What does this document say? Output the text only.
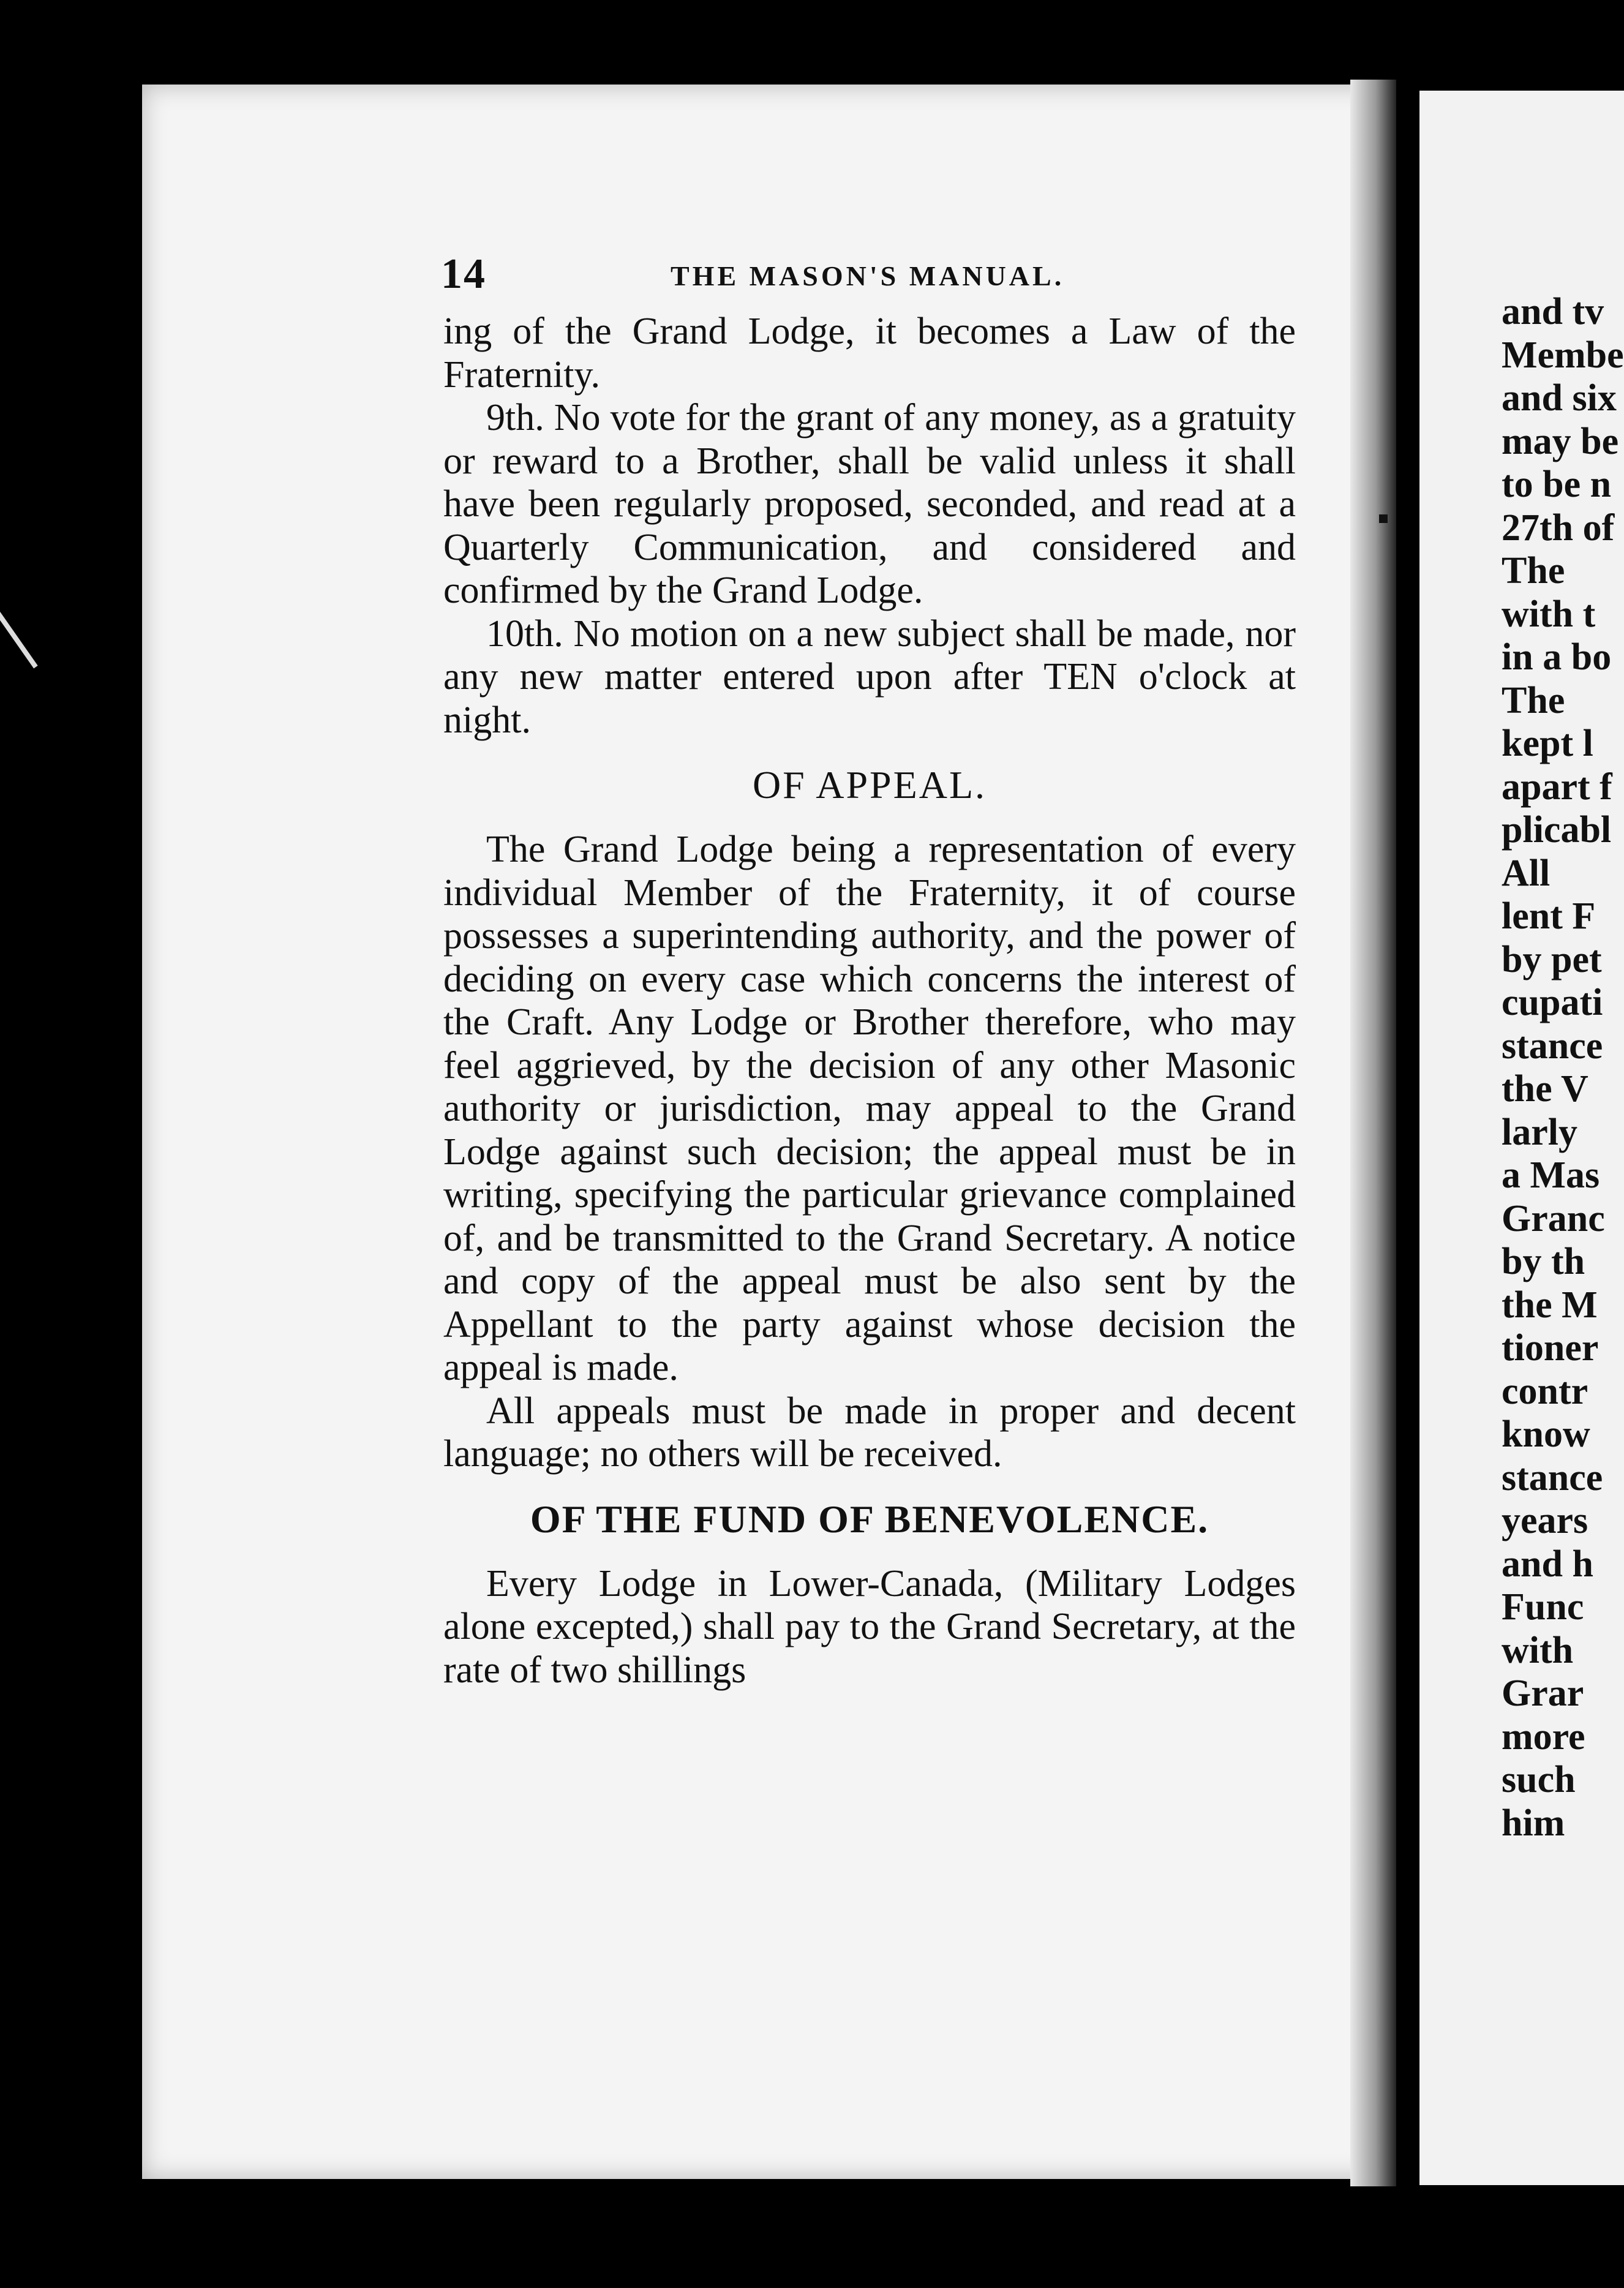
14	THE MASON'S MANUAL.

ing of the Grand Lodge, it becomes a Law of the Fraternity.

9th. No vote for the grant of any money, as a gratuity or reward to a Brother, shall be valid unless it shall have been regularly proposed, seconded, and read at a Quarterly Communication, and considered and confirmed by the Grand Lodge.

10th. No motion on a new subject shall be made, nor any new matter entered upon after TEN o'clock at night.

OF APPEAL.

The Grand Lodge being a representation of every individual Member of the Fraternity, it of course possesses a superintending authority, and the power of deciding on every case which concerns the interest of the Craft. Any Lodge or Brother therefore, who may feel aggrieved, by the decision of any other Masonic authority or jurisdiction, may appeal to the Grand Lodge against such decision; the appeal must be in writing, specifying the particular grievance complained of, and be transmitted to the Grand Secretary. A notice and copy of the appeal must be also sent by the Appellant to the party against whose decision the appeal is made.

All appeals must be made in proper and decent language; no others will be received.

OF THE FUND OF BENEVOLENCE.

Every Lodge in Lower-Canada, (Military Lodges alone excepted,) shall pay to the Grand Secretary, at the rate of two shillings

and tv
Membe
and six
may be
to be n
27th of
The
with t
in a bo
The
kept l
apart f
plicabl
All
lent F
by pet
cupati
stance
the V
larly
a Mas
Granc
by th
the M
tioner
contr
know
stance
years
and h
Func
with
Grar
more
such
him
